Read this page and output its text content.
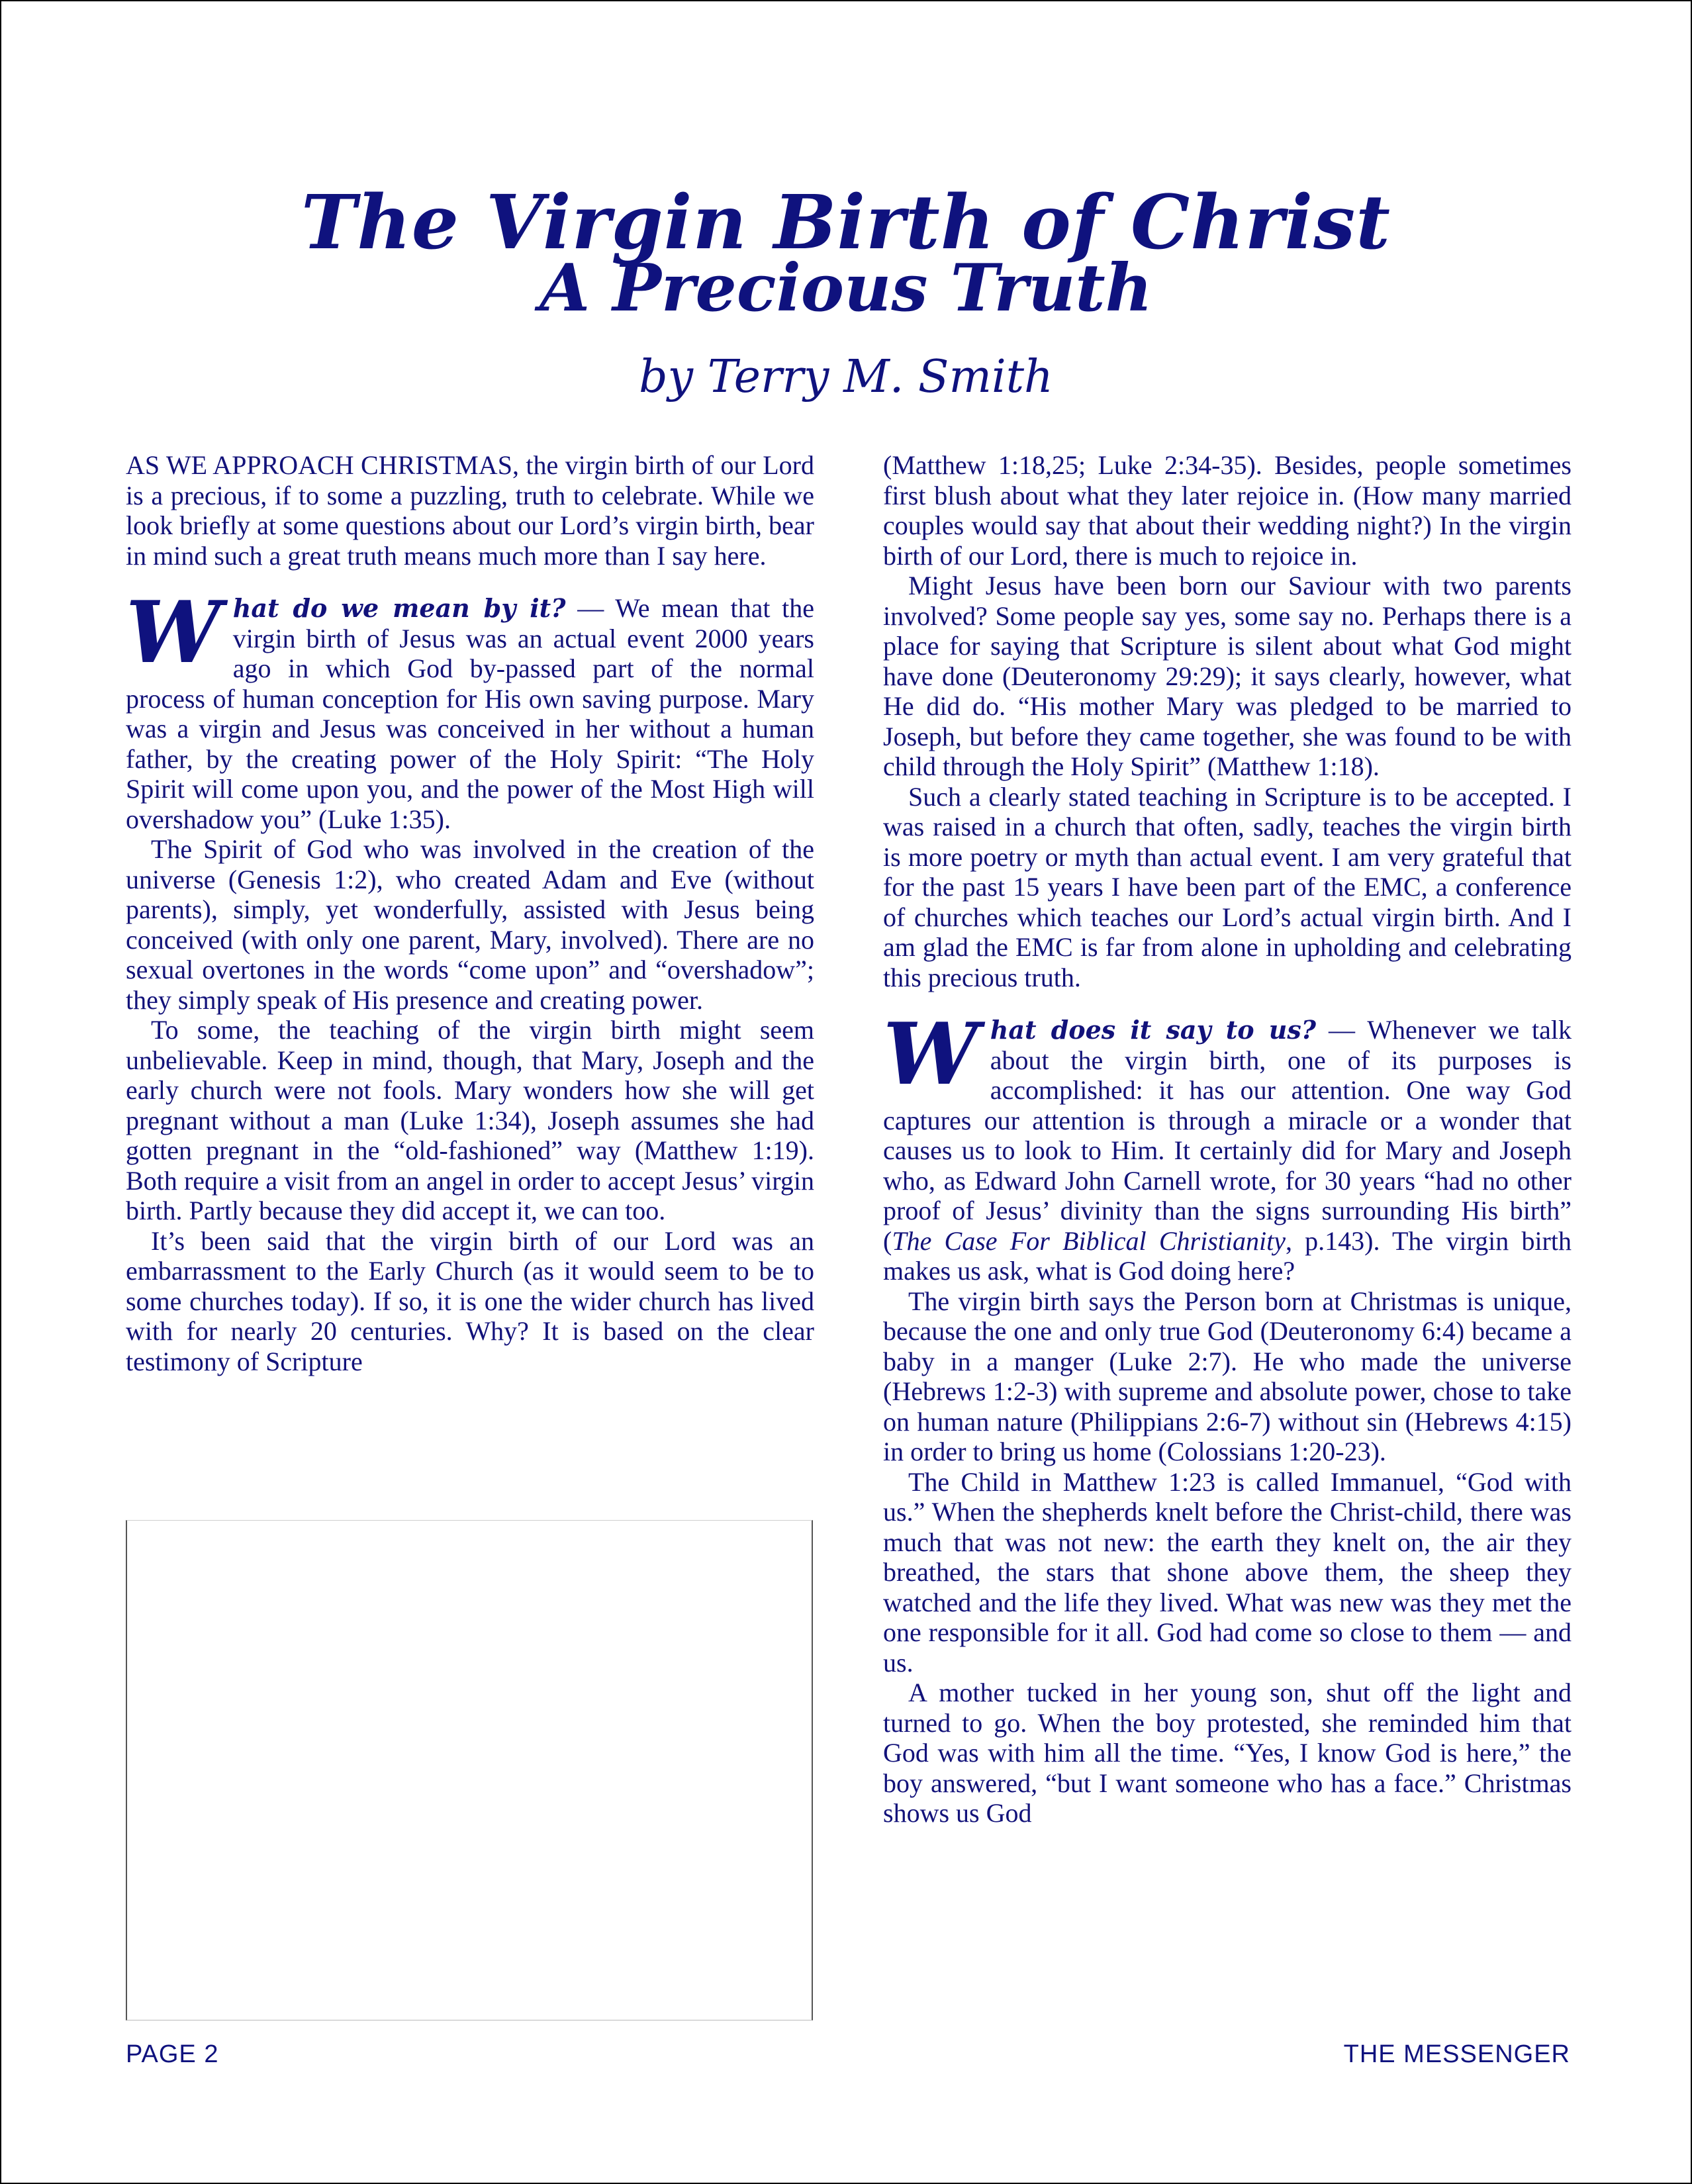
The Virgin Birth of Christ
A Precious Truth
by Terry M. Smith

AS WE APPROACH CHRISTMAS, the virgin birth of our Lord is a precious, if to some a puzzling, truth to celebrate. While we look briefly at some questions about our Lord’s virgin birth, bear in mind such a great truth means much more than I say here.

What do we mean by it? — We mean that the virgin birth of Jesus was an actual event 2000 years ago in which God by-passed part of the normal process of human conception for His own saving purpose. Mary was a virgin and Jesus was conceived in her without a human father, by the creating power of the Holy Spirit: “The Holy Spirit will come upon you, and the power of the Most High will overshadow you” (Luke 1:35).

The Spirit of God who was involved in the creation of the universe (Genesis 1:2), who created Adam and Eve (without parents), simply, yet wonderfully, assisted with Jesus being conceived (with only one parent, Mary, involved). There are no sexual overtones in the words “come upon” and “overshadow”; they simply speak of His presence and creating power.

To some, the teaching of the virgin birth might seem unbelievable. Keep in mind, though, that Mary, Joseph and the early church were not fools. Mary wonders how she will get pregnant without a man (Luke 1:34), Joseph assumes she had gotten pregnant in the “old-fashioned” way (Matthew 1:19). Both require a visit from an angel in order to accept Jesus’ virgin birth. Partly because they did accept it, we can too.

It’s been said that the virgin birth of our Lord was an embarrassment to the Early Church (as it would seem to be to some churches today). If so, it is one the wider church has lived with for nearly 20 centuries. Why? It is based on the clear testimony of Scripture

(Matthew 1:18,25; Luke 2:34-35). Besides, people sometimes first blush about what they later rejoice in. (How many married couples would say that about their wedding night?) In the virgin birth of our Lord, there is much to rejoice in.

Might Jesus have been born our Saviour with two parents involved? Some people say yes, some say no. Perhaps there is a place for saying that Scripture is silent about what God might have done (Deuteronomy 29:29); it says clearly, however, what He did do. “His mother Mary was pledged to be married to Joseph, but before they came together, she was found to be with child through the Holy Spirit” (Matthew 1:18).

Such a clearly stated teaching in Scripture is to be accepted. I was raised in a church that often, sadly, teaches the virgin birth is more poetry or myth than actual event. I am very grateful that for the past 15 years I have been part of the EMC, a conference of churches which teaches our Lord’s actual virgin birth. And I am glad the EMC is far from alone in upholding and celebrating this precious truth.

What does it say to us? — Whenever we talk about the virgin birth, one of its purposes is accomplished: it has our attention. One way God captures our attention is through a miracle or a wonder that causes us to look to Him. It certainly did for Mary and Joseph who, as Edward John Carnell wrote, for 30 years “had no other proof of Jesus’ divinity than the signs surrounding His birth” (The Case For Biblical Christianity, p.143). The virgin birth makes us ask, what is God doing here?

The virgin birth says the Person born at Christmas is unique, because the one and only true God (Deuteronomy 6:4) became a baby in a manger (Luke 2:7). He who made the universe (Hebrews 1:2-3) with supreme and absolute power, chose to take on human nature (Philippians 2:6-7) without sin (Hebrews 4:15) in order to bring us home (Colossians 1:20-23).

The Child in Matthew 1:23 is called Immanuel, “God with us.” When the shepherds knelt before the Christ-child, there was much that was not new: the earth they knelt on, the air they breathed, the stars that shone above them, the sheep they watched and the life they lived. What was new was they met the one responsible for it all. God had come so close to them — and us.

A mother tucked in her young son, shut off the light and turned to go. When the boy protested, she reminded him that God was with him all the time. “Yes, I know God is here,” the boy answered, “but I want someone who has a face.” Christmas shows us God

PAGE 2	THE MESSENGER
